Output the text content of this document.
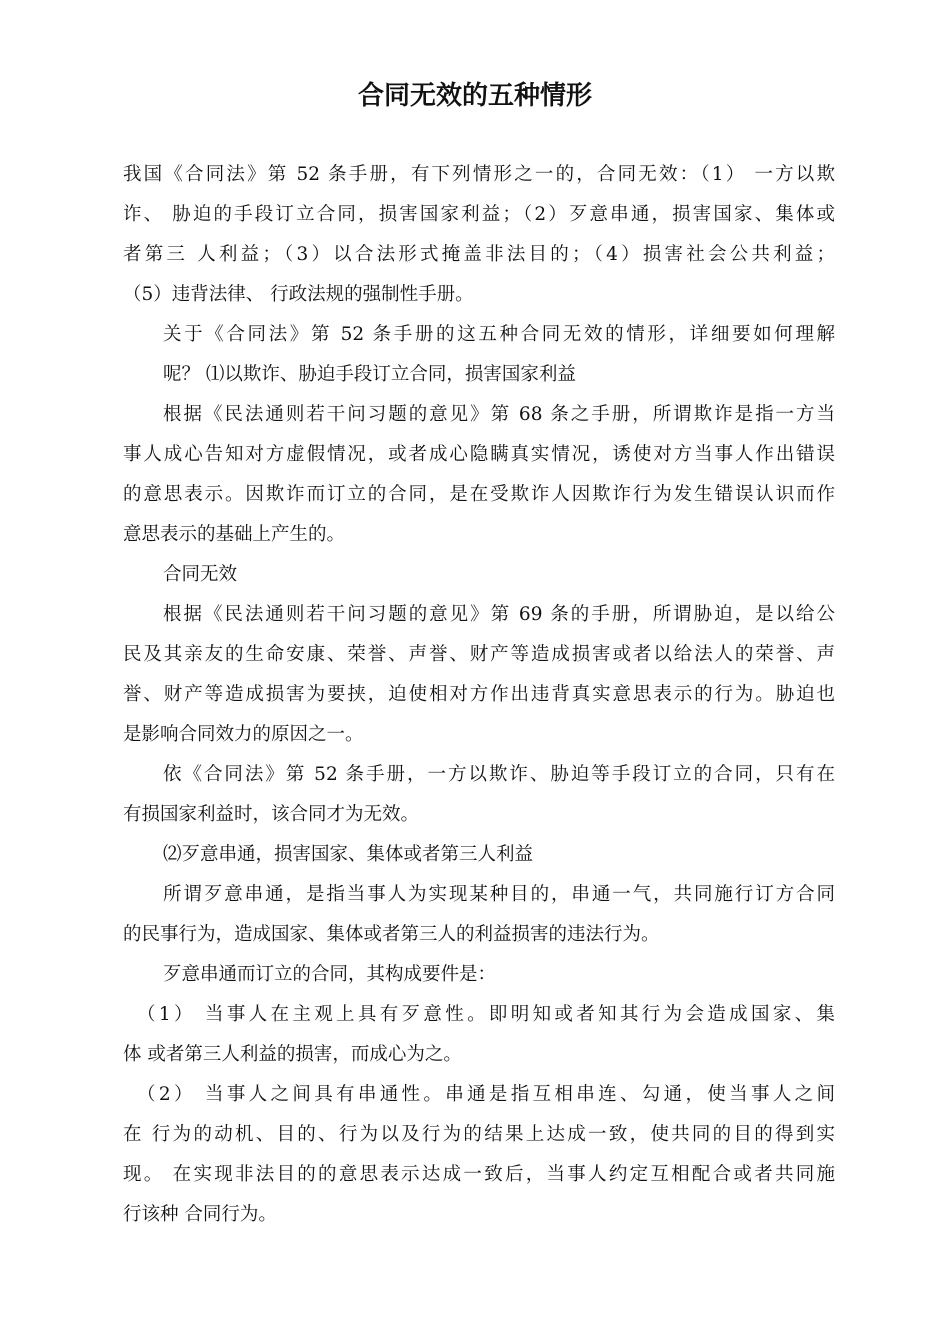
合同无效的五种情形
我国《合同法》第 52 条手册，有下列情形之一的，合同无效：（1） 一方以欺
诈、 胁迫的手段订立合同，损害国家利益；（2）歹意串通，损害国家、集体或
者第三 人利益；（3）以合法形式掩盖非法目的；（4）损害社会公共利益；
（5）违背法律、 行政法规的强制性手册。
关于《合同法》第 52 条手册的这五种合同无效的情形，详细要如何理解
呢？ ⑴以欺诈、胁迫手段订立合同，损害国家利益
根据《民法通则若干问习题的意见》第 68 条之手册，所谓欺诈是指一方当
事人成心告知对方虚假情况，或者成心隐瞒真实情况，诱使对方当事人作出错误
的意思表示。因欺诈而订立的合同，是在受欺诈人因欺诈行为发生错误认识而作
意思表示的基础上产生的。
合同无效
根据《民法通则若干问习题的意见》第 69 条的手册，所谓胁迫，是以给公
民及其亲友的生命安康、荣誉、声誉、财产等造成损害或者以给法人的荣誉、声
誉、财产等造成损害为要挟，迫使相对方作出违背真实意思表示的行为。胁迫也
是影响合同效力的原因之一。
依《合同法》第 52 条手册，一方以欺诈、胁迫等手段订立的合同，只有在
有损国家利益时，该合同才为无效。
⑵歹意串通，损害国家、集体或者第三人利益
所谓歹意串通，是指当事人为实现某种目的，串通一气，共同施行订方合同
的民事行为，造成国家、集体或者第三人的利益损害的违法行为。
歹意串通而订立的合同，其构成要件是：
（1） 当事人在主观上具有歹意性。即明知或者知其行为会造成国家、集
体 或者第三人利益的损害，而成心为之。
（2） 当事人之间具有串通性。串通是指互相串连、勾通，使当事人之间
在 行为的动机、目的、行为以及行为的结果上达成一致，使共同的目的得到实
现。 在实现非法目的的意思表示达成一致后，当事人约定互相配合或者共同施
行该种 合同行为。
